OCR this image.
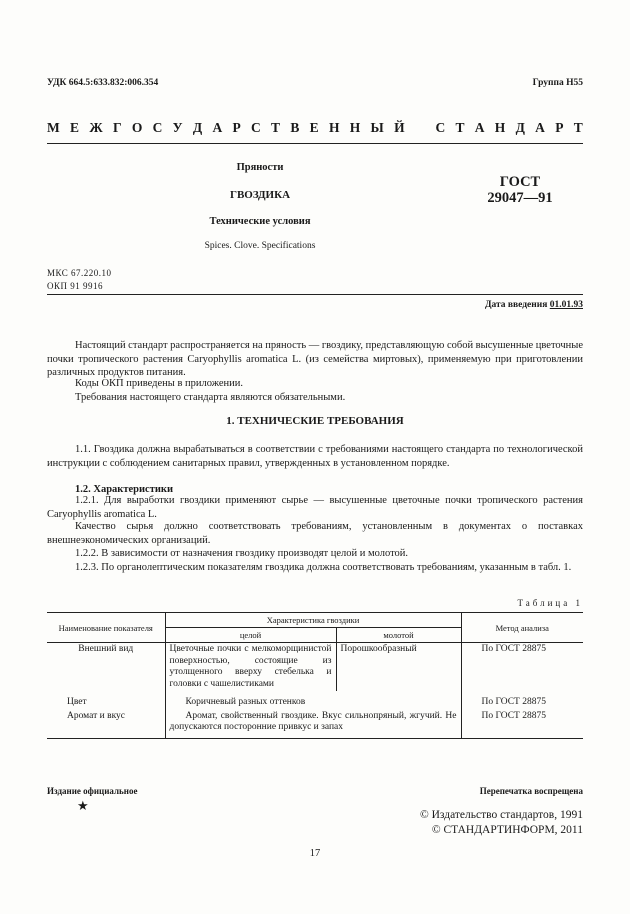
УДК 664.5:633.832:006.354	Группа Н55
М Е Ж Г О С У Д А Р С Т В Е Н Н Ы Й С Т А Н Д А Р Т
Пряности
ГВОЗДИКА
Технические условия
Spices. Clove. Specifications
ГОСТ
29047—91
МКС 67.220.10
ОКП 91 9916
Дата введения 01.01.93
Настоящий стандарт распространяется на пряность — гвоздику, представляющую собой высушенные цветочные почки тропического растения Caryophyllis aromatica L. (из семейства миртовых), применяемую при приготовлении различных продуктов питания.
Коды ОКП приведены в приложении.
Требования настоящего стандарта являются обязательными.
1. ТЕХНИЧЕСКИЕ ТРЕБОВАНИЯ
1.1. Гвоздика должна вырабатываться в соответствии с требованиями настоящего стандарта по технологической инструкции с соблюдением санитарных правил, утвержденных в установленном порядке.
1.2. Характеристики
1.2.1. Для выработки гвоздики применяют сырье — высушенные цветочные почки тропического растения Caryophyllis aromatica L.
Качество сырья должно соответствовать требованиям, установленным в документах о поставках внешнеэкономических организаций.
1.2.2. В зависимости от назначения гвоздику производят целой и молотой.
1.2.3. По органолептическим показателям гвоздика должна соответствовать требованиям, указанным в табл. 1.
Таблица 1
Наименование показателя	Характеристика гвоздики		Метод анализа
	целой	молотой	
Внешний вид	Цветочные почки с мелкоморщинистой поверхностью, состоящие из утолщенного вверху стебелька и головки с чашелистиками	Порошкообразный	По ГОСТ 28875
Цвет	Коричневый разных оттенков		По ГОСТ 28875
Аромат и вкус	Аромат, свойственный гвоздике. Вкус сильнопряный, жгучий. Не допускаются посторонние привкус и запах		По ГОСТ 28875
Издание официальное	Перепечатка воспрещена
★
© Издательство стандартов, 1991
© СТАНДАРТИНФОРМ, 2011
17
